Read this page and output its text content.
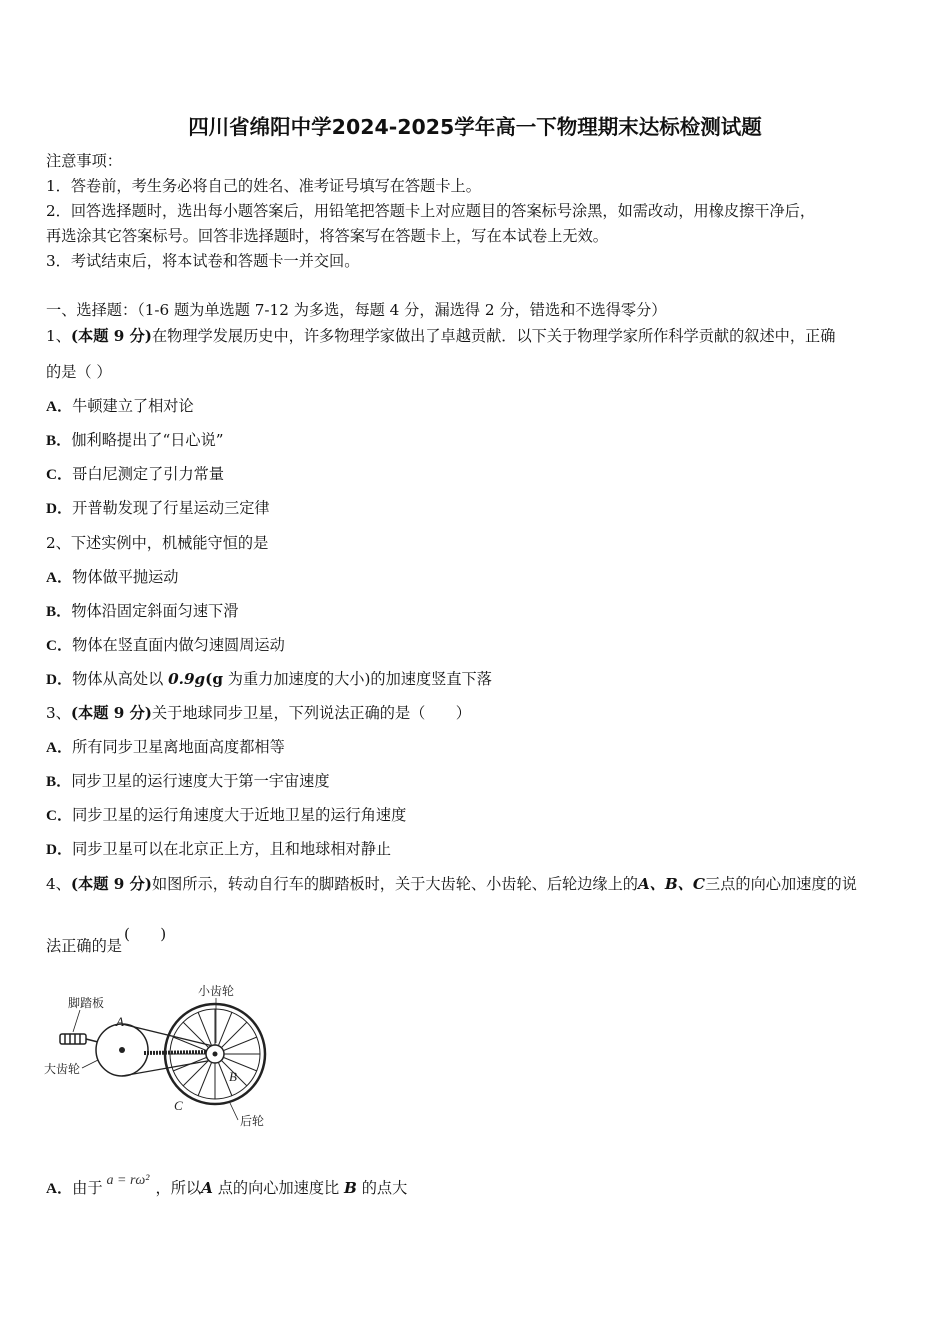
四川省绵阳中学2024-2025学年高一下物理期末达标检测试题
注意事项：
1．答卷前，考生务必将自己的姓名、准考证号填写在答题卡上。
2．回答选择题时，选出每小题答案后，用铅笔把答题卡上对应题目的答案标号涂黑，如需改动，用橡皮擦干净后，
再选涂其它答案标号。回答非选择题时，将答案写在答题卡上，写在本试卷上无效。
3．考试结束后，将本试卷和答题卡一并交回。
一、选择题：（1-6 题为单选题 7-12 为多选，每题 4 分，漏选得 2 分，错选和不选得零分）
1、(本题 9 分)在物理学发展历史中，许多物理学家做出了卓越贡献．以下关于物理学家所作科学贡献的叙述中，正确
的是（ ）
A．牛顿建立了相对论
B．伽利略提出了“日心说”
C．哥白尼测定了引力常量
D．开普勒发现了行星运动三定律
2、下述实例中，机械能守恒的是
A．物体做平抛运动
B．物体沿固定斜面匀速下滑
C．物体在竖直面内做匀速圆周运动
D．物体从高处以 0.9g(g 为重力加速度的大小)的加速度竖直下落
3、(本题 9 分)关于地球同步卫星，下列说法正确的是（　　）
A．所有同步卫星离地面高度都相等
B．同步卫星的运行速度大于第一宇宙速度
C．同步卫星的运行角速度大于近地卫星的运行角速度
D．同步卫星可以在北京正上方，且和地球相对静止
4、(本题 9 分)如图所示，转动自行车的脚踏板时，关于大齿轮、小齿轮、后轮边缘上的A、B、C三点的向心加速度的说
法正确的是(　　)
脚踏板
大齿轮
小齿轮
后轮
A
B
C
A．由于 a = rω² ，所以A 点的向心加速度比 B 的点大
